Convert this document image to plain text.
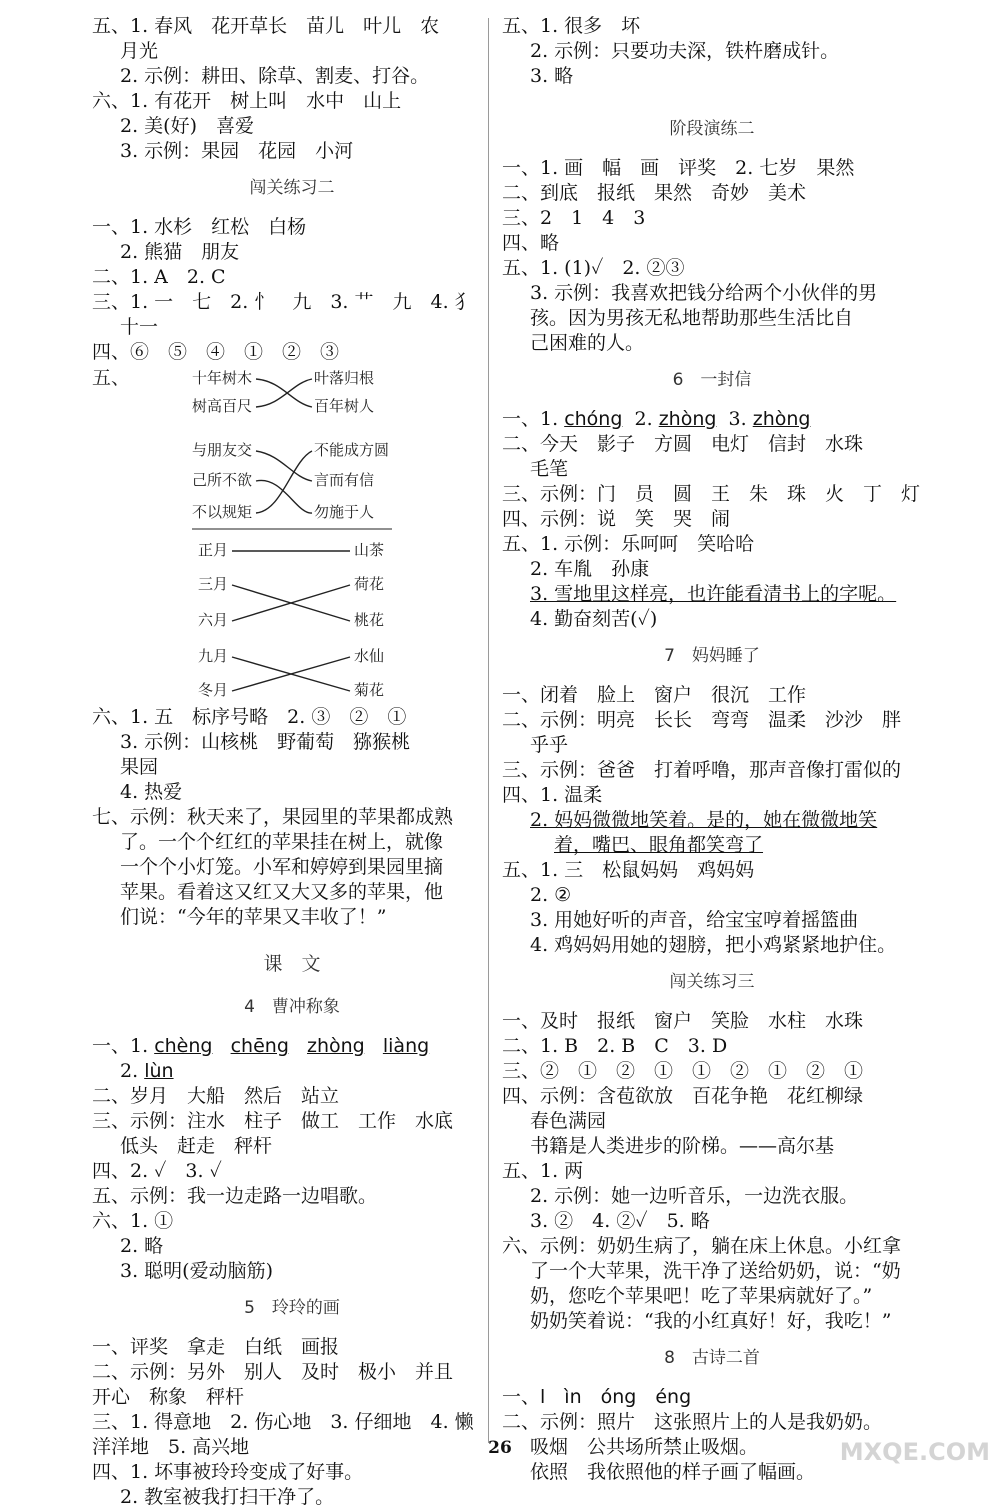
五、1. 春风　花开草长　苗儿　叶儿　农

月光

2. 示例：耕田、除草、割麦、打谷。

六、1. 有花开　树上叫　水中　山上

2. 美(好)　喜爱

3. 示例：果园　花园　小河

闯关练习二

一、1. 水杉　红松　白杨

2. 熊猫　朋友

二、1. A　2. C

三、1. 一　七　2. 忄　九　3. 艹　九　4. 犭

十一

四、⑥　⑤　④　①　②　③

五、	十年树木
树高百尺
与朋友交
己所不欲
不以规矩
叶落归根
百年树人
不能成方圆
言而有信
勿施于人
正月
三月
六月
九月
冬月
山茶
荷花
桃花
水仙
菊花

六、1. 五　标序号略　2. ③　②　①

3. 示例：山核桃　野葡萄　猕猴桃

果园

4. 热爱

七、示例：秋天来了，果园里的苹果都成熟

了。一个个红红的苹果挂在树上，就像

一个个小灯笼。小军和婷婷到果园里摘

苹果。看着这又红又大又多的苹果，他

们说：“今年的苹果又丰收了！”

课　文
4　曹冲称象

一、1. chèng chēng zhòng liàng

2. lùn

二、岁月　大船　然后　站立

三、示例：注水　柱子　做工　工作　水底

低头　赶走　秤杆

四、2. ✓　3. ✓

五、示例：我一边走路一边唱歌。

六、1. ①

2. 略

3. 聪明(爱动脑筋)

5　玲玲的画

一、评奖　拿走　白纸　画报

二、示例：另外　别人　及时　极小　并且

开心　称象　秤杆

三、1. 得意地　2. 伤心地　3. 仔细地　4. 懒

洋洋地　5. 高兴地

四、1. 坏事被玲玲变成了好事。

2. 教室被我打扫干净了。

五、1. 很多　坏

2. 示例：只要功夫深，铁杵磨成针。

3. 略

阶段演练二

一、1. 画　幅　画　评奖　2. 七岁　果然

二、到底　报纸　果然　奇妙　美术

三、2　1　4　3

四、略

五、1. (1)✓　2. ②③

3. 示例：我喜欢把钱分给两个小伙伴的男

孩。因为男孩无私地帮助那些生活比自

己困难的人。

6　一封信

一、1. chóng 2. zhòng 3. zhòng

二、今天　影子　方圆　电灯　信封　水珠

毛笔

三、示例：门　员　圆　王　朱　珠　火　丁　灯

四、示例：说　笑　哭　闹

五、1. 示例：乐呵呵　笑哈哈

2. 车胤　孙康

3. 雪地里这样亮，也许能看清书上的字呢。

4. 勤奋刻苦(✓)

7　妈妈睡了

一、闭着　脸上　窗户　很沉　工作

二、示例：明亮　长长　弯弯　温柔　沙沙　胖

乎乎

三、示例：爸爸　打着呼噜，那声音像打雷似的

四、1. 温柔

2. 妈妈微微地笑着。是的，她在微微地笑

着，嘴巴、眼角都笑弯了

五、1. 三　松鼠妈妈　鸡妈妈

2. ②

3. 用她好听的声音，给宝宝哼着摇篮曲

4. 鸡妈妈用她的翅膀，把小鸡紧紧地护住。

闯关练习三

一、及时　报纸　窗户　笑脸　水柱　水珠

二、1. B　2. B　C　3. D

三、②　①　②　①　①　②　①　②　①

四、示例：含苞欲放　百花争艳　花红柳绿

春色满园

书籍是人类进步的阶梯。——高尔基

五、1. 两

2. 示例：她一边听音乐，一边洗衣服。

3. ②　4. ②✓　5. 略

六、示例：奶奶生病了，躺在床上休息。小红拿

了一个大苹果，洗干净了送给奶奶，说：“奶

奶，您吃个苹果吧！吃了苹果病就好了。”

奶奶笑着说：“我的小红真好！好，我吃！”

8　古诗二首

一、l　ìn　óng　éng

二、示例：照片　这张照片上的人是我奶奶。

吸烟　公共场所禁止吸烟。

依照　我依照他的样子画了幅画。

26	MXQE.COM
